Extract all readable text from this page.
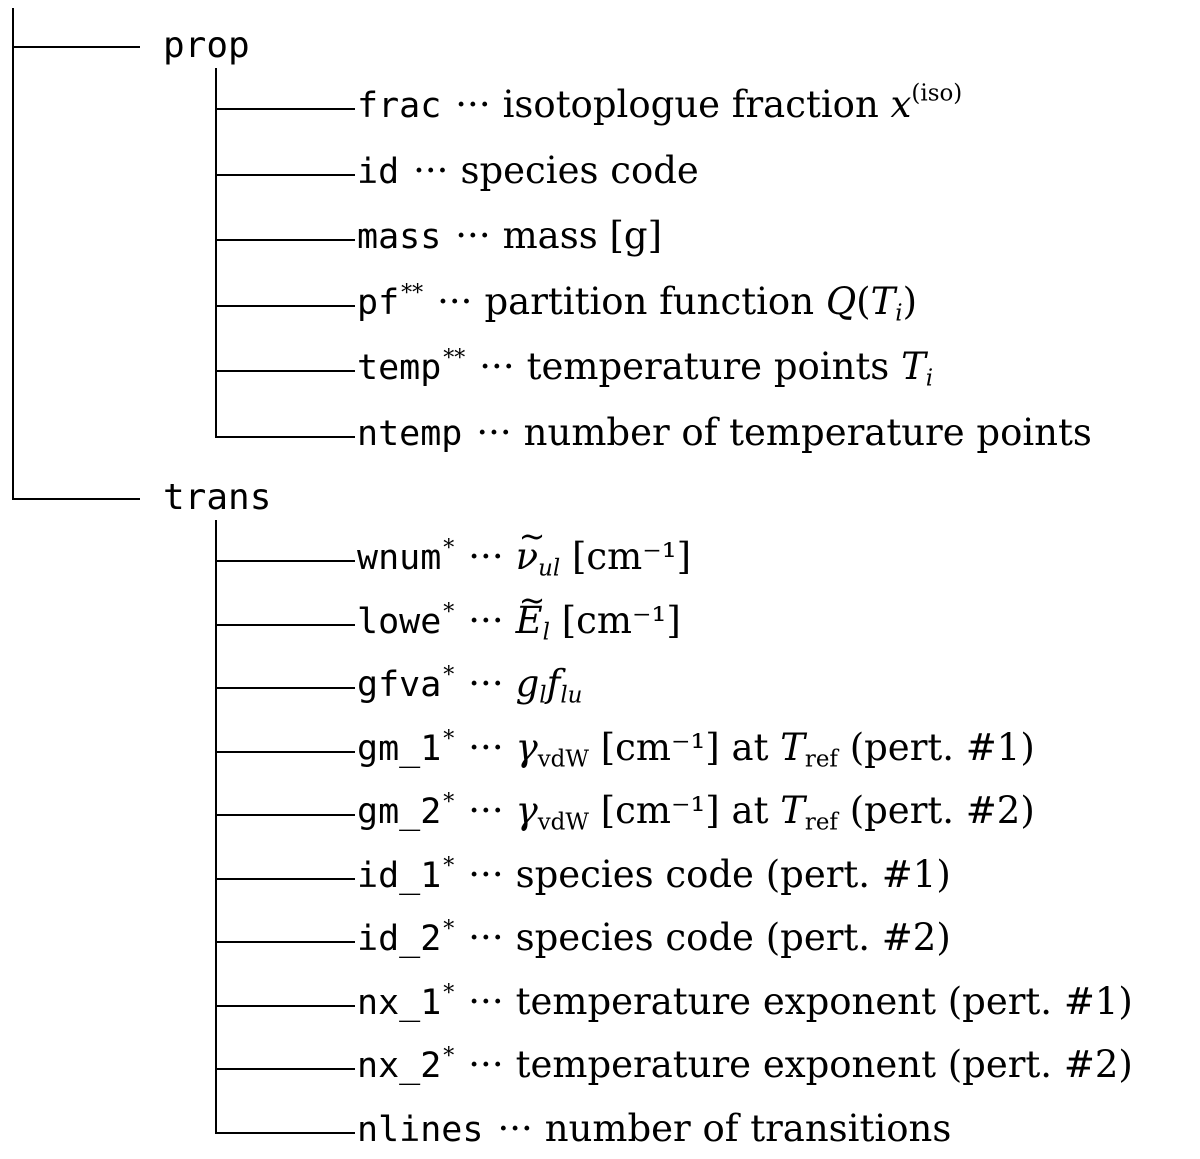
prop
frac ··· isotoplogue fraction $x^{(iso)}$
id ··· species code
mass ··· mass [g]
pf** ··· partition function $Q(T_i)$
temp** ··· temperature points $T_i$
ntemp ··· number of temperature points
trans
wnum* ··· ~ $\nu_{ul}$ [cm⁻¹]
lowe* ··· ~ $E_l$ [cm⁻¹]
gfva* ··· $g_lf_{lu}$
gm_1* ··· $\gamma_{vdW}$ [cm⁻¹] at $T_{ref}$ (pert. #1)
gm_2* ··· $\gamma_{vdW}$ [cm⁻¹] at $T_{ref}$ (pert. #2)
id_1* ··· species code (pert. #1)
id_2* ··· species code (pert. #2)
nx_1* ··· temperature exponent (pert. #1)
nx_2* ··· temperature exponent (pert. #2)
nlines ··· number of transitions
